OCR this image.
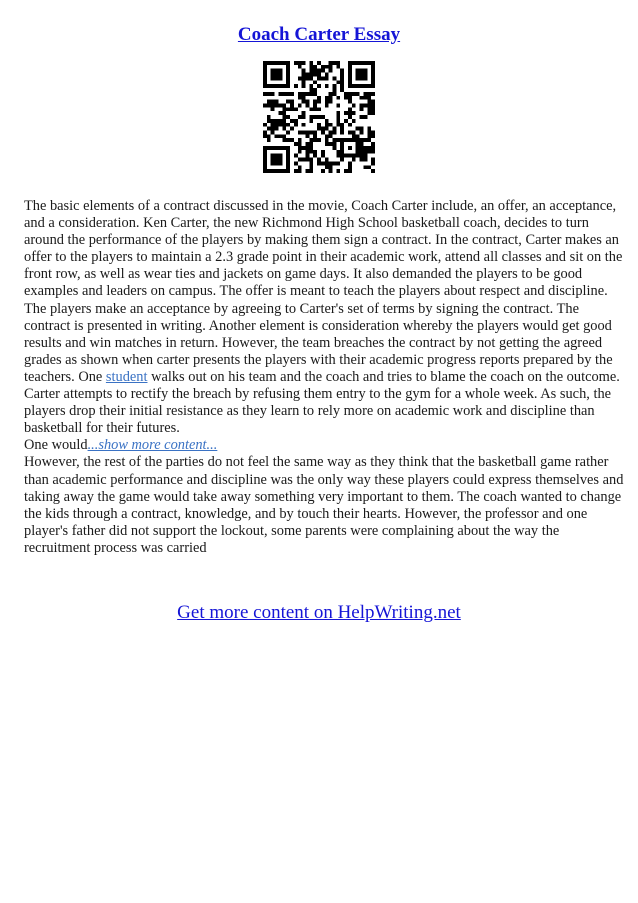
Coach Carter Essay

The basic elements of a contract discussed in the movie, Coach Carter include, an offer, an acceptance, and a consideration. Ken Carter, the new Richmond High School basketball coach, decides to turn around the performance of the players by making them sign a contract. In the contract, Carter makes an offer to the players to maintain a 2.3 grade point in their academic work, attend all classes and sit on the front row, as well as wear ties and jackets on game days. It also demanded the players to be good examples and leaders on campus. The offer is meant to teach the players about respect and discipline.

The players make an acceptance by agreeing to Carter's set of terms by signing the contract. The contract is presented in writing. Another element is consideration whereby the players would get good results and win matches in return. However, the team breaches the contract by not getting the agreed grades as shown when carter presents the players with their academic progress reports prepared by the teachers. One student walks out on his team and the coach and tries to blame the coach on the outcome.

Carter attempts to rectify the breach by refusing them entry to the gym for a whole week. As such, the players drop their initial resistance as they learn to rely more on academic work and discipline than basketball for their futures.

One would...show more content...

However, the rest of the parties do not feel the same way as they think that the basketball game rather than academic performance and discipline was the only way these players could express themselves and taking away the game would take away something very important to them. The coach wanted to change the kids through a contract, knowledge, and by touch their hearts. However, the professor and one player's father did not support the lockout, some parents were complaining about the way the recruitment process was carried

Get more content on HelpWriting.net
